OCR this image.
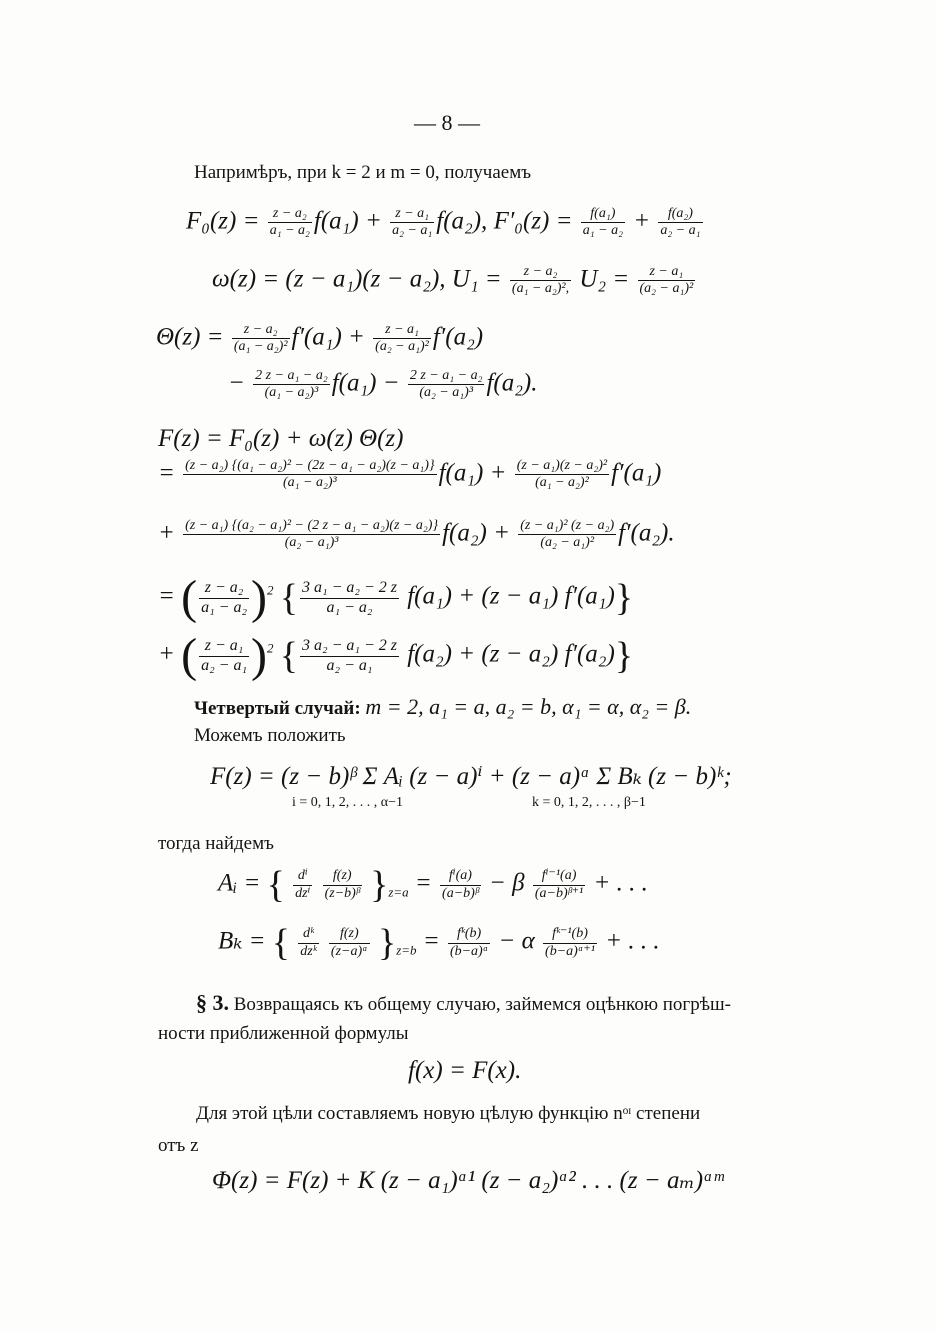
— 8 —
Напримѣръ, при k = 2 и m = 0, получаемъ
$F_0(z) = \frac{\text{z − a₂}}{\text{a₁ − a₂}} f(a_1) + \frac{\text{z − a₁}}{\text{a₂ − a₁}} f(a_2)$, $F'_0(z) = \frac{\text{f(a₁)}}{\text{a₁ − a₂}} + \frac{\text{f(a₂)}}{\text{a₂ − a₁}}$
ω(z) = (z − a₁)(z − a₂), $U_1 = \frac{\text{z − a₂}}{\text{(a₁ − a₂)²,}} U_2 = \frac{\text{z − a₁}}{\text{(a₂ − a₁)²}}$
$\Theta(z) = \frac{\text{z − a₂}}{\text{(a₁ − a₂)²}} f'(a_1) + \frac{\text{z − a₁}}{\text{(a₂ − a₁)²}} f'(a_2)$
− $\frac{\text{2 z − a₁ − a₂}}{\text{(a₁ − a₂)³}} f(a_1) - \frac{\text{2 z − a₁ − a₂}}{\text{(a₂ − a₁)³}} f(a_2)$.
F(z) = F₀(z) + ω(z) Θ(z)
= $\frac{\text{(z − a₂) \{(a₁ − a₂)² − (2z − a₁ − a₂)(z − a₁)\}}}{\text{(a₁ − a₂)³}} f(a_1) + \frac{\text{(z − a₁)(z − a₂)²}}{\text{(a₁ − a₂)²}} f'(a_1)$
+ $\frac{\text{(z − a₁) \{(a₂ − a₁)² − (2 z − a₁ − a₂)(z − a₂)\}}}{\text{(a₂ − a₁)³}} f(a_2) + \frac{\text{(z − a₁)² (z − a₂)}}{\text{(a₂ − a₁)²}} f'(a_2)$.
= ( $\frac{\text{z − a₂}}{\text{a₁ − a₂}} )^2$ { $\frac{\text{3 a₁ − a₂ − 2 z}}{\text{a₁ − a₂}} f(a_1) + (z - a_1)$ f′(a₁)}
+ ( $\frac{\text{z − a₁}}{\text{a₂ − a₁}} )^2$ { $\frac{\text{3 a₂ − a₁ − 2 z}}{\text{a₂ − a₁}} f(a_2) + (z - a_2)$ f′(a₂)}
Четвертый случай: m = 2, a₁ = a, a₂ = b, α₁ = α, α₂ = β.
Можемъ положить
F(z) = (z − b)ᵝ Σ Aᵢ (z − a)ⁱ + (z − a)ᵅ Σ Bₖ (z − b)ᵏ;
i = 0, 1, 2, . . . , α−1	k = 0, 1, 2, . . . , β−1
тогда найдемъ
Aᵢ = { $\frac{\text{dⁱ}}{\text{dzⁱ}}$
$\frac{f(z)}{\text{(z−b)ᵝ}} \}_{z=a} = \frac{\text{fⁱ(a)}}{\text{(a−b)ᵝ}} - \beta \frac{\text{fⁱ⁻¹(a)}}{\text{(a−b)ᵝ⁺¹}}$ + . . .
Bₖ = { $\frac{\text{dᵏ}}{\text{dzᵏ}}$
$\frac{f(z)}{\text{(z−a)ᵅ}} \}_{z=b} = \frac{\text{fᵏ(b)}}{\text{(b−a)ᵅ}} - \alpha \frac{\text{fᵏ⁻¹(b)}}{\text{(b−a)ᵅ⁺¹}}$ + . . .
§ 3. Возвращаясь къ общему случаю, займемся оцѣнкою погрѣш-
ности приближенной формулы
f(x) = F(x).
Для этой цѣли составляемъ новую цѣлую функцію nᵒᶦ степени
отъ z
Φ(z) = F(z) + K (z − a₁)ᵅ¹ (z − a₂)ᵅ² . . . (z − aₘ)ᵅᵐ
